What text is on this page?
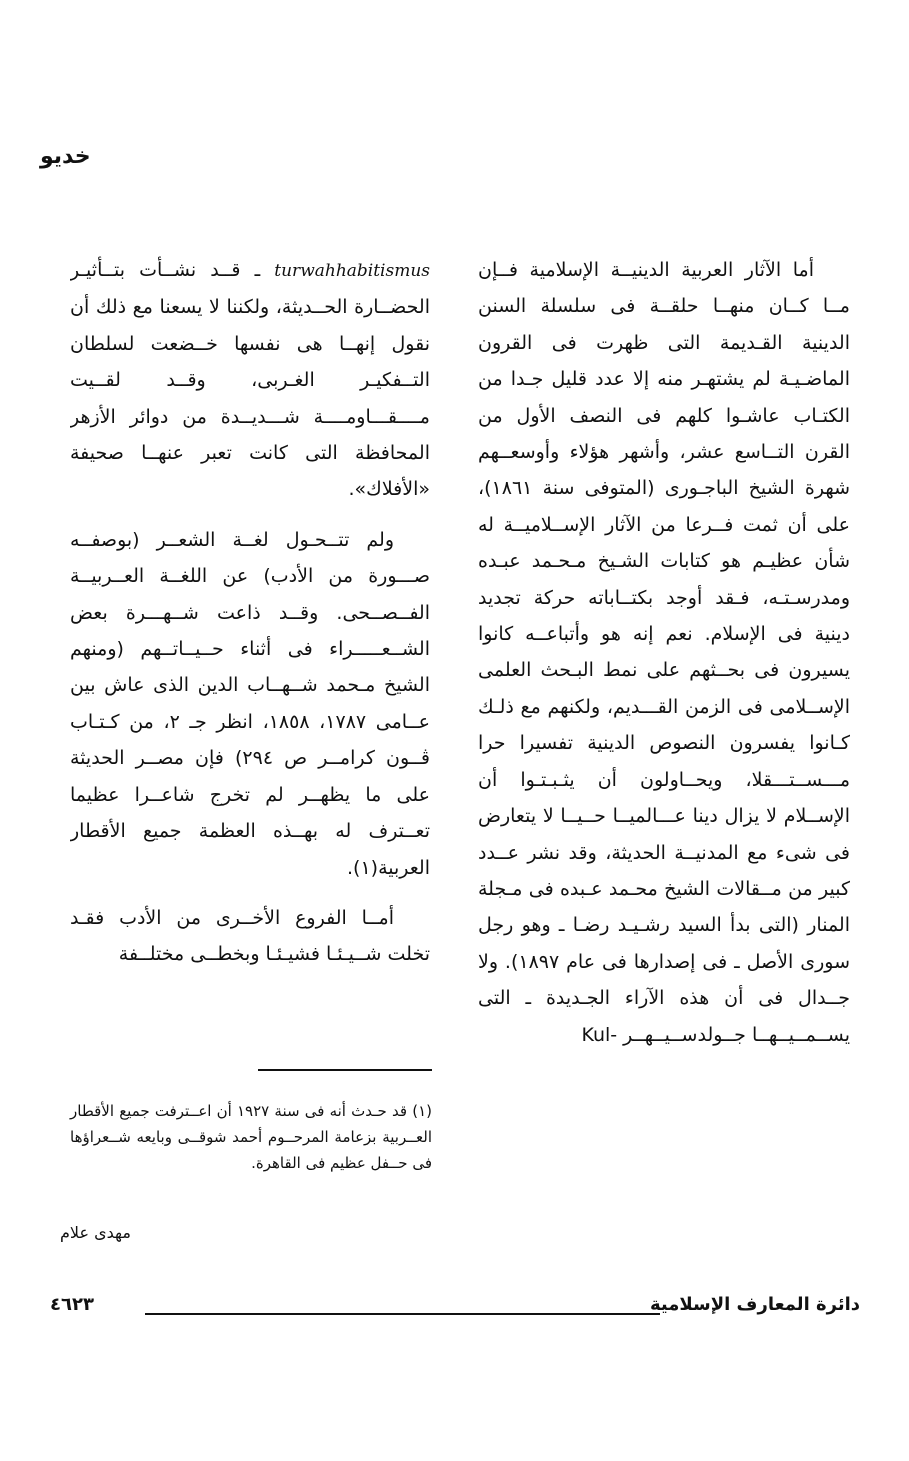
خديو

أما الآثار العربية الدينيــة الإسلامية فــإن مــا كــان منهــا حلقــة فى سلسلة السنن الدينية القـديمة التى ظهرت فى القرون الماضـيـة لم يشتهـر منه إلا عدد قليل جـدا من الكتـاب عاشـوا كلهم فى النصف الأول من القرن التــاسع عشر، وأشهر هؤلاء وأوسعــهم شهرة الشيخ الباجـورى (المتوفى سنة ١٨٦١)، على أن ثمت فــرعا من الآثار الإســلاميــة له شأن عظيـم هو كتابات الشـيخ مـحـمد عبـده ومدرسـتـه، فـقد أوجد بكتــاباته حركة تجديد دينية فى الإسلام. نعم إنه هو وأتباعــه كانوا يسيرون فى بحــثهم على نمط البـحث العلمى الإســلامى فى الزمن القـــديم، ولكنهم مع ذلـك كـانوا يفسرون النصوص الدينية تفسيرا حرا مـــســتـــقلا، ويحــاولون أن يثـبـتـوا أن الإســلام لا يزال دينا عـــالميــا حــيــا لا يتعارض فى شىء مع المدنيــة الحديثة، وقد نشر عــدد كبير من مــقالات الشيخ محـمد عـبده فى مـجلة المنار (التى بدأ السيد رشـيـد رضـا ـ وهو رجل سورى الأصل ـ فى إصدارها فى عام ١٨٩٧). ولا جــدال فى أن هذه الآراء الجـديدة ـ التى يســمــيــهــا جــولدســيــهــر -Kul

turwahhabitismus ـ قــد نشــأت بتــأثيـر الحضــارة الحــديثة، ولكننا لا يسعنا مع ذلك أن نقول إنهــا هى نفسها خــضعت لسلطان التــفكيـر الغـربى، وقــد لقــيت مــــقـــاومــــة شـــديــدة من دوائر الأزهر المحافظة التى كانت تعبر عنهــا صحيفة «الأفلاك».

ولم تتــحـول لغــة الشعــر (بوصفــه صـــورة من الأدب) عن اللغــة العــربيــة الفــصــحى. وقــد ذاعت شــهـــرة بعض الشــعـــــراء فى أثناء حــيــاتــهم (ومنهم الشيخ مـحمد شــهــاب الدين الذى عاش بين عــامى ١٧٨٧، ١٨٥٨، انظر جـ ٢، من كـتـاب ڤــون كرامــر ص ٢٩٤) فإن مصــر الحديثة على ما يظهــر لم تخرج شاعــرا عظيما تعــترف له بهــذه العظمة جميع الأقطار العربية(١).

أمــا الفروع الأخــرى من الأدب فقـد تخلت شــيـئـا فشيـئـا وبخطــى مختلــفة

(١) قد حـدث أنه فى سنة ١٩٢٧ أن اعــترفت جميع الأقطار العــربية بزعامة المرحــوم أحمد شوقــى وبايعه شــعراؤها فى حــفل عظيم فى القاهرة.
مهدى علام
دائرة المعارف الإسلامية
٤٦٢٣
